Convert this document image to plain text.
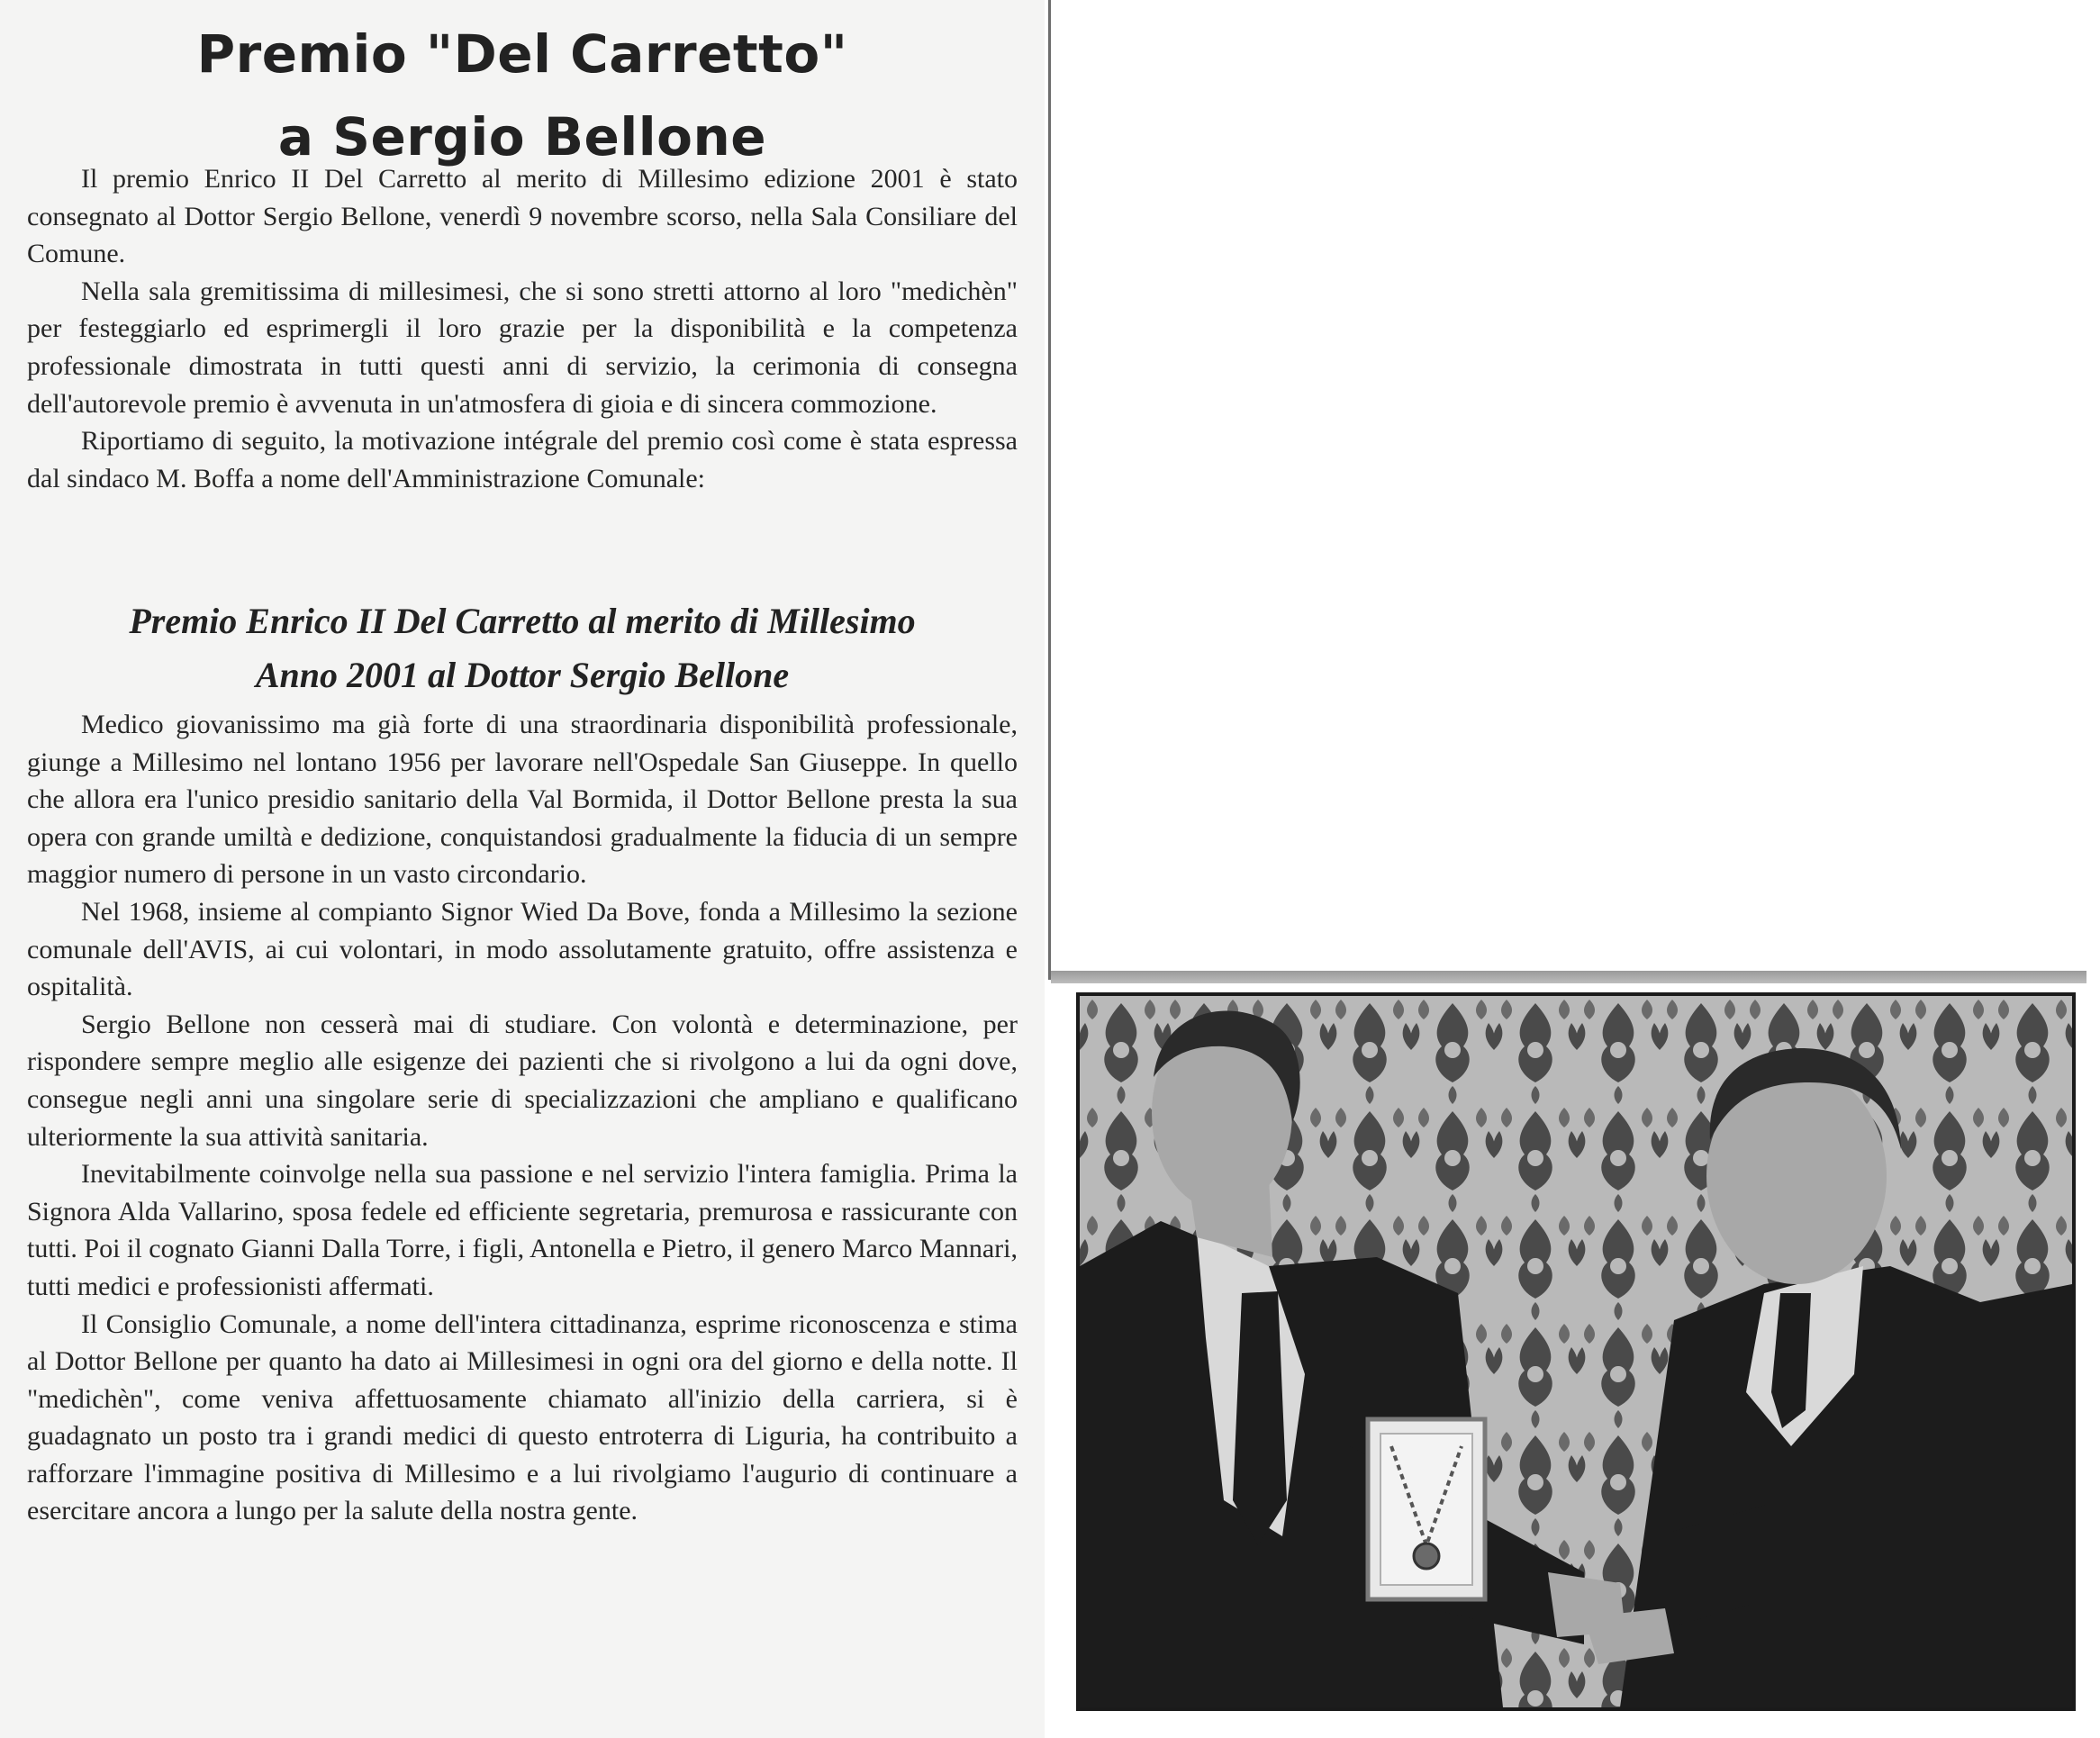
Premio "Del Carretto"
a Sergio Bellone

Il premio Enrico II Del Carretto al merito di Millesimo edizione 2001 è stato consegnato al Dottor Sergio Bellone, venerdì 9 novembre scorso, nella Sala Consiliare del Comune.

Nella sala gremitissima di millesimesi, che si sono stretti attorno al loro "medichèn" per festeggiarlo ed esprimergli il loro grazie per la disponibilità e la competenza professionale dimostrata in tutti questi anni di servizio, la cerimonia di consegna dell'autorevole premio è avvenuta in un'atmosfera di gioia e di sincera commozione.

Riportiamo di seguito, la motivazione intégrale del premio così come è stata espressa dal sindaco M. Boffa a nome dell'Amministrazione Comunale:

Premio Enrico II Del Carretto al merito di Millesimo
Anno 2001 al Dottor Sergio Bellone

Medico giovanissimo ma già forte di una straordinaria disponibilità professionale, giunge a Millesimo nel lontano 1956 per lavorare nell'Ospedale San Giuseppe. In quello che allora era l'unico presidio sanitario della Val Bormida, il Dottor Bellone presta la sua opera con grande umiltà e dedizione, conquistandosi gradualmente la fiducia di un sempre maggior numero di persone in un vasto circondario.

Nel 1968, insieme al compianto Signor Wied Da Bove, fonda a Millesimo la sezione comunale dell'AVIS, ai cui volontari, in modo assolutamente gratuito, offre assistenza e ospitalità.

Sergio Bellone non cesserà mai di studiare. Con volontà e determinazione, per rispondere sempre meglio alle esigenze dei pazienti che si rivolgono a lui da ogni dove, consegue negli anni una singolare serie di specializzazioni che ampliano e qualificano ulteriormente la sua attività sanitaria.

Inevitabilmente coinvolge nella sua passione e nel servizio l'intera famiglia. Prima la Signora Alda Vallarino, sposa fedele ed efficiente segretaria, premurosa e rassicurante con tutti. Poi il cognato Gianni Dalla Torre, i figli, Antonella e Pietro, il genero Marco Mannari, tutti medici e professionisti affermati.

Il Consiglio Comunale, a nome dell'intera cittadinanza, esprime riconoscenza e stima al Dottor Bellone per quanto ha dato ai Millesimesi in ogni ora del giorno e della notte. Il "medichèn", come veniva affettuosamente chiamato all'inizio della carriera, si è guadagnato un posto tra i grandi medici di questo entroterra di Liguria, ha contribuito a rafforzare l'immagine positiva di Millesimo e a lui rivolgiamo l'augurio di continuare a esercitare ancora a lungo per la salute della nostra gente.
